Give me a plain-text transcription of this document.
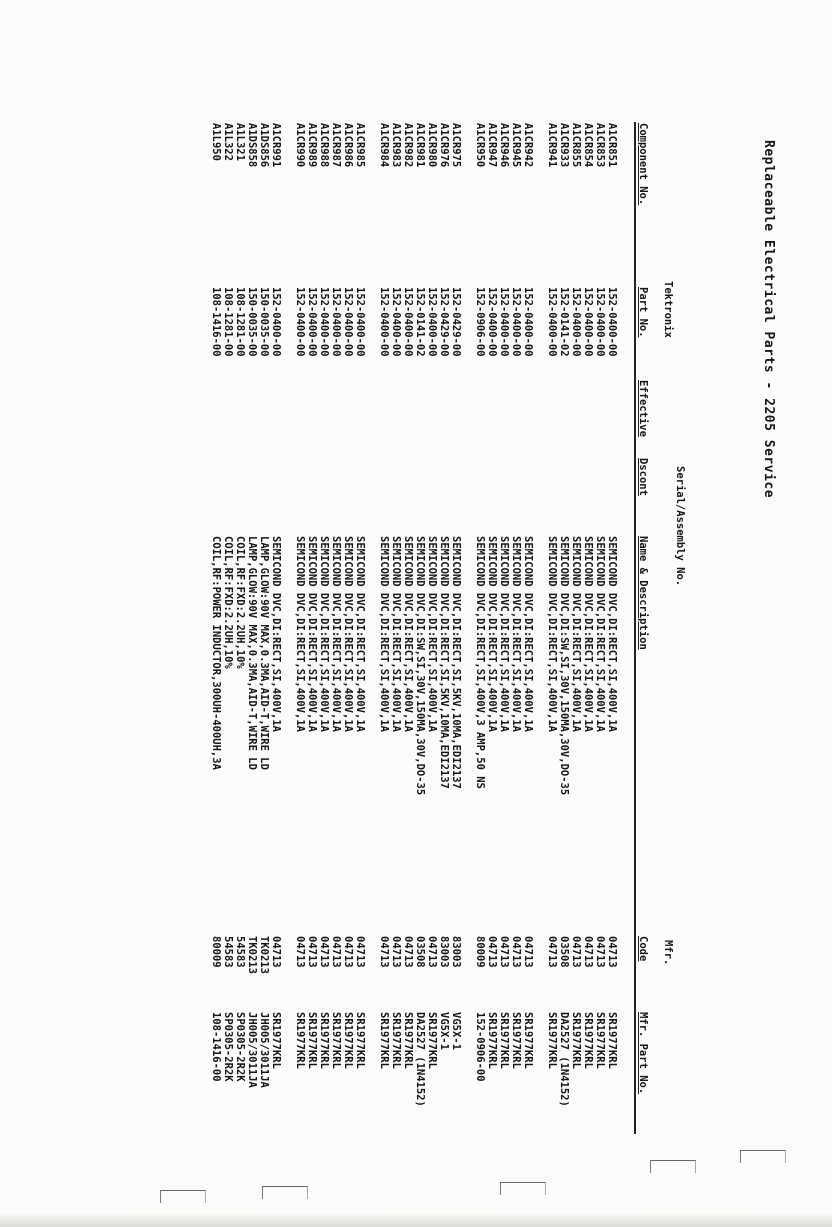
Replaceable Electrical Parts - 2205 Service
Serial/Assembly No.
Tektronix
Mfr.
Component No.
Part No.
Effective
Dscont
Name & Description
Code
Mfr. Part No.
A1CR851
152-0400-00
SEMICOND DVC,DI:RECT,SI,400V,1A
04713
SR1977KRL
A1CR853
152-0400-00
SEMICOND DVC,DI:RECT,SI,400V,1A
04713
SR1977KRL
A1CR854
152-0400-00
SEMICOND DVC,DI:RECT,SI,400V,1A
04713
SR1977KRL
A1CR855
152-0400-00
SEMICOND DVC,DI:RECT,SI,400V,1A
04713
SR1977KRL
A1CR933
152-0141-02
SEMICOND DVC,DI:SW,SI,30V,150MA,30V,DO-35
03508
DA2527 (1N4152)
A1CR941
152-0400-00
SEMICOND DVC,DI:RECT,SI,400V,1A
04713
SR1977KRL
A1CR942
152-0400-00
SEMICOND DVC,DI:RECT,SI,400V,1A
04713
SR1977KRL
A1CR945
152-0400-00
SEMICOND DVC,DI:RECT,SI,400V,1A
04713
SR1977KRL
A1CR946
152-0400-00
SEMICOND DVC,DI:RECT,SI,400V,1A
04713
SR1977KRL
A1CR947
152-0400-00
SEMICOND DVC,DI:RECT,SI,400V,1A
04713
SR1977KRL
A1CR950
152-0906-00
SEMICOND DVC,DI:RECT,SI,400V,3 AMP,50 NS
80009
152-0906-00
A1CR975
152-0429-00
SEMICOND DVC,DI:RECT,SI,5KV,10MA,EDI2137
83003
VG5X-1
A1CR976
152-0429-00
SEMICOND DVC,DI:RECT,SI,5KV,10MA,EDI2137
83003
VG5X-1
A1CR980
152-0400-00
SEMICOND DVC,DI:RECT,SI,400V,1A
04713
SR1977KRL
A1CR981
152-0141-02
SEMICOND DVC,DI:SW,SI,30V,150MA,30V,DO-35
03508
DA2527 (1N4152)
A1CR982
152-0400-00
SEMICOND DVC,DI:RECT,SI,400V,1A
04713
SR1977KRL
A1CR983
152-0400-00
SEMICOND DVC,DI:RECT,SI,400V,1A
04713
SR1977KRL
A1CR984
152-0400-00
SEMICOND DVC,DI:RECT,SI,400V,1A
04713
SR1977KRL
A1CR985
152-0400-00
SEMICOND DVC,DI:RECT,SI,400V,1A
04713
SR1977KRL
A1CR986
152-0400-00
SEMICOND DVC,DI:RECT,SI,400V,1A
04713
SR1977KRL
A1CR987
152-0400-00
SEMICOND DVC,DI:RECT,SI,400V,1A
04713
SR1977KRL
A1CR988
152-0400-00
SEMICOND DVC,DI:RECT,SI,400V,1A
04713
SR1977KRL
A1CR989
152-0400-00
SEMICOND DVC,DI:RECT,SI,400V,1A
04713
SR1977KRL
A1CR990
152-0400-00
SEMICOND DVC,DI:RECT,SI,400V,1A
04713
SR1977KRL
A1CR991
152-0400-00
SEMICOND DVC,DI:RECT,SI,400V,1A
04713
SR1977KRL
A1DS856
150-0035-00
LAMP,GLOW:90V MAX,0.3MA,AID-T,WIRE LD
TK0213
JH005/3011JA
A1DS858
150-0035-00
LAMP,GLOW:90V MAX,0.3MA,AID-T,WIRE LD
TK0213
JH005/3011JA
A1L321
108-1281-00
COIL,RF:FXD:2.2UH,10%
54583
SP0305-2R2K
A1L322
108-1281-00
COIL,RF:FXD:2.2UH,10%
54583
SP0305-2R2K
A1L950
108-1416-00
COIL,RF:POWER INDUCTOR,300UH-400UH,3A
80009
108-1416-00
